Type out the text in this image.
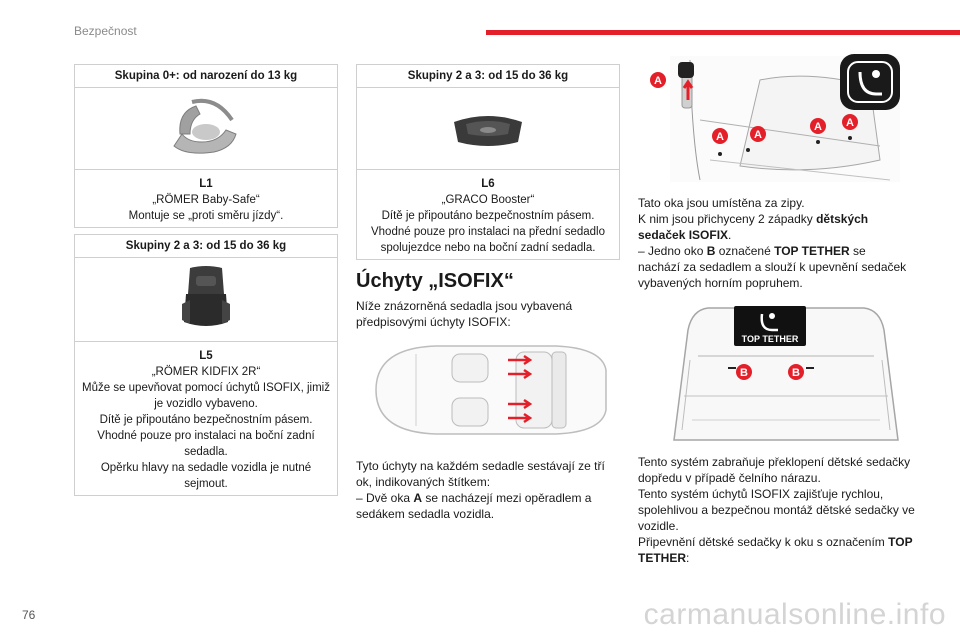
Bezpečnost
Skupina 0+: od narození do 13 kg
L1
„RÖMER Baby-Safe“
Montuje se „proti směru jízdy“.
Skupiny 2 a 3: od 15 do 36 kg
L5
„RÖMER KIDFIX 2R“
Může se upevňovat pomocí úchytů ISOFIX, jimiž je vozidlo vybaveno.
Dítě je připoutáno bezpečnostním pásem.
Vhodné pouze pro instalaci na boční zadní sedadla.
Opěrku hlavy na sedadle vozidla je nutné sejmout.
Skupiny 2 a 3: od 15 do 36 kg
L6
„GRACO Booster“
Dítě je připoutáno bezpečnostním pásem.
Vhodné pouze pro instalaci na přední sedadlo spolujezdce nebo na boční zadní sedadla.
Úchyty „ISOFIX“
Níže znázorněná sedadla jsou vybavená předpisovými úchyty ISOFIX:
Tyto úchyty na každém sedadle sestávají ze tří ok, indikovaných štítkem:
– Dvě oka A se nacházejí mezi opěradlem a sedákem sedadla vozidla.
A
A	A
A A
Tato oka jsou umístěna za zipy.
K nim jsou přichyceny 2 západky dětských sedaček ISOFIX.
– Jedno oko B označené TOP TETHER se nachází za sedadlem a slouží k upevnění sedaček vybavených horním popruhem.
TOP TETHER
B	B
Tento systém zabraňuje překlopení dětské sedačky dopředu v případě čelního nárazu.
Tento systém úchytů ISOFIX zajišťuje rychlou, spolehlivou a bezpečnou montáž dětské sedačky ve vozidle.
Připevnění dětské sedačky k oku s označením TOP TETHER:
76	carmanualsonline.info
